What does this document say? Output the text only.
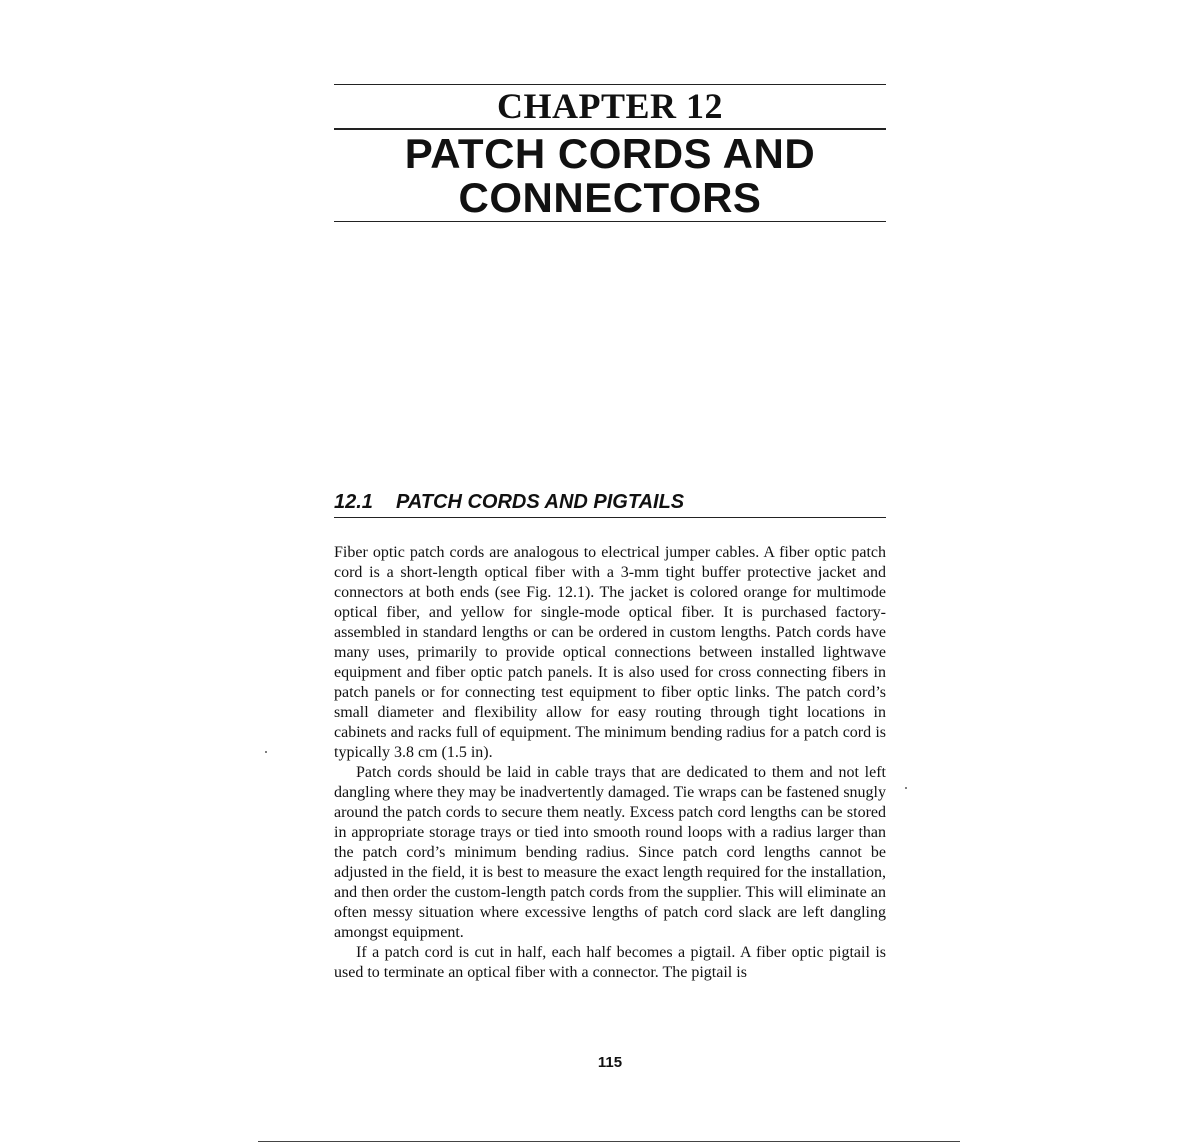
CHAPTER 12
PATCH CORDS AND
CONNECTORS
12.1 PATCH CORDS AND PIGTAILS

Fiber optic patch cords are analogous to electrical jumper cables. A fiber optic patch cord is a short-length optical fiber with a 3-mm tight buffer protective jacket and connectors at both ends (see Fig. 12.1). The jacket is colored orange for multimode optical fiber, and yellow for single-mode optical fiber. It is purchased factory-assembled in standard lengths or can be ordered in custom lengths. Patch cords have many uses, primarily to provide optical connections between installed lightwave equipment and fiber optic patch panels. It is also used for cross connecting fibers in patch panels or for connecting test equipment to fiber optic links. The patch cord’s small diameter and flexibility allow for easy routing through tight locations in cabinets and racks full of equipment. The minimum bending radius for a patch cord is typically 3.8 cm (1.5 in).

Patch cords should be laid in cable trays that are dedicated to them and not left dangling where they may be inadvertently damaged. Tie wraps can be fastened snugly around the patch cords to secure them neatly. Excess patch cord lengths can be stored in appropriate storage trays or tied into smooth round loops with a radius larger than the patch cord’s minimum bending radius. Since patch cord lengths cannot be adjusted in the field, it is best to measure the exact length required for the installation, and then order the custom-length patch cords from the supplier. This will eliminate an often messy situation where excessive lengths of patch cord slack are left dangling amongst equipment.

If a patch cord is cut in half, each half becomes a pigtail. A fiber optic pigtail is used to terminate an optical fiber with a connector. The pigtail is

115
